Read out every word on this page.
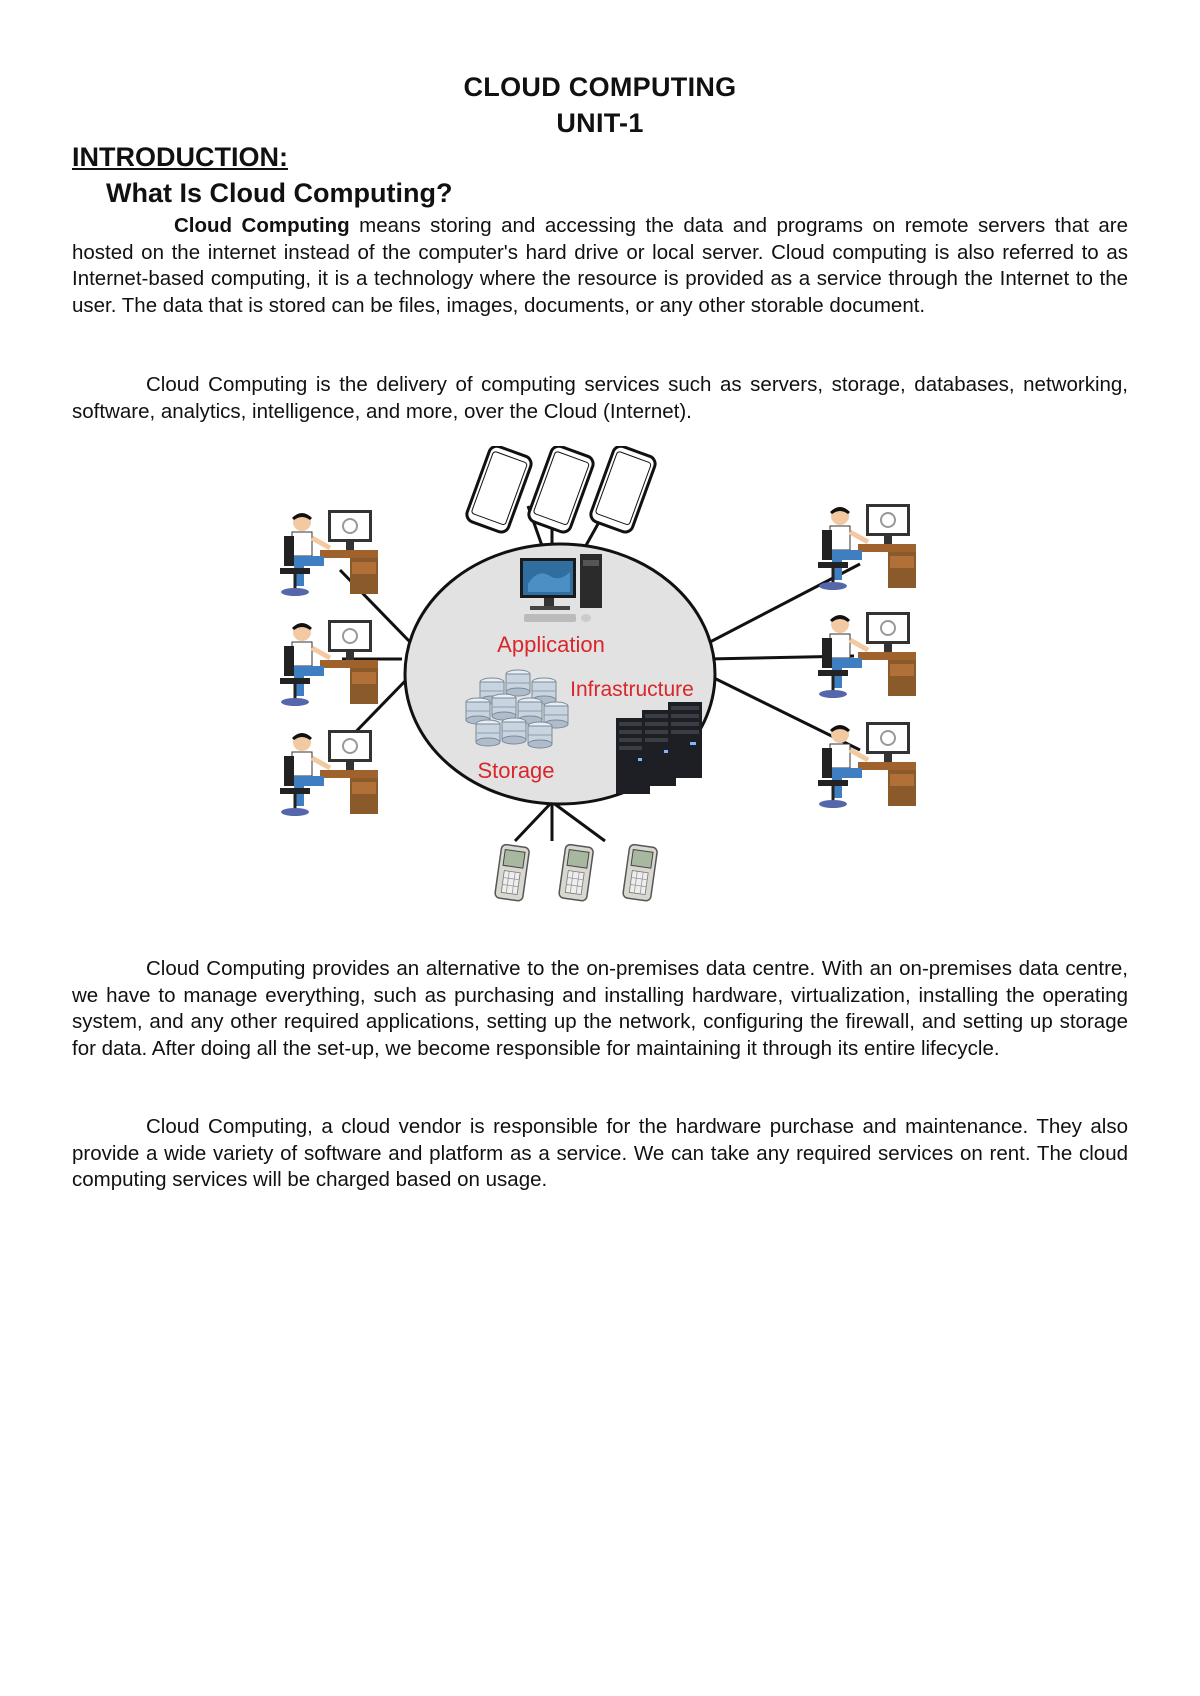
CLOUD COMPUTING
UNIT-1
INTRODUCTION:
What Is Cloud Computing?

Cloud Computing means storing and accessing the data and programs on remote servers that are hosted on the internet instead of the computer's hard drive or local server. Cloud computing is also referred to as Internet-based computing, it is a technology where the resource is provided as a service through the Internet to the user. The data that is stored can be files, images, documents, or any other storable document.

Cloud Computing is the delivery of computing services such as servers, storage, databases, networking, software, analytics, intelligence, and more, over the Cloud (Internet).

Application
Infrastructure
Storage

Cloud Computing provides an alternative to the on-premises data centre. With an on-premises data centre, we have to manage everything, such as purchasing and installing hardware, virtualization, installing the operating system, and any other required applications, setting up the network, configuring the firewall, and setting up storage for data. After doing all the set-up, we become responsible for maintaining it through its entire lifecycle.

Cloud Computing, a cloud vendor is responsible for the hardware purchase and maintenance. They also provide a wide variety of software and platform as a service. We can take any required services on rent. The cloud computing services will be charged based on usage.
